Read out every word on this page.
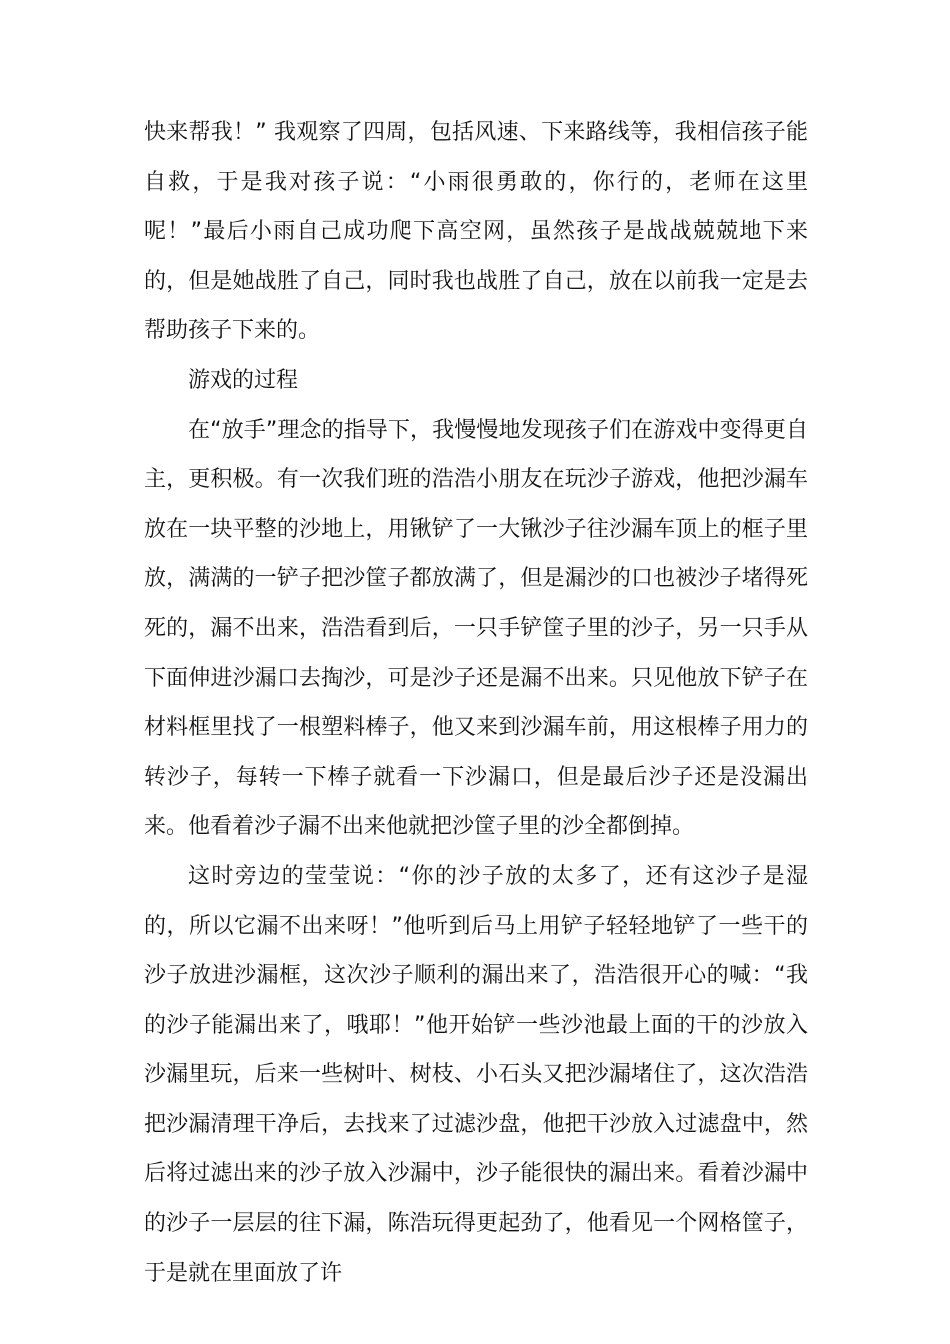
快来帮我！” 我观察了四周，包括风速、下来路线等，我相信孩子能自救，于是我对孩子说：“小雨很勇敢的，你行的，老师在这里呢！”最后小雨自己成功爬下高空网，虽然孩子是战战兢兢地下来的，但是她战胜了自己，同时我也战胜了自己，放在以前我一定是去帮助孩子下来的。

游戏的过程

在“放手”理念的指导下，我慢慢地发现孩子们在游戏中变得更自主，更积极。有一次我们班的浩浩小朋友在玩沙子游戏，他把沙漏车放在一块平整的沙地上，用锹铲了一大锹沙子往沙漏车顶上的框子里放，满满的一铲子把沙筐子都放满了，但是漏沙的口也被沙子堵得死死的，漏不出来，浩浩看到后，一只手铲筐子里的沙子，另一只手从下面伸进沙漏口去掏沙，可是沙子还是漏不出来。只见他放下铲子在材料框里找了一根塑料棒子，他又来到沙漏车前，用这根棒子用力的转沙子，每转一下棒子就看一下沙漏口，但是最后沙子还是没漏出来。他看着沙子漏不出来他就把沙筐子里的沙全都倒掉。

这时旁边的莹莹说：“你的沙子放的太多了，还有这沙子是湿的，所以它漏不出来呀！”他听到后马上用铲子轻轻地铲了一些干的沙子放进沙漏框，这次沙子顺利的漏出来了，浩浩很开心的喊：“我的沙子能漏出来了，哦耶！”他开始铲一些沙池最上面的干的沙放入沙漏里玩，后来一些树叶、树枝、小石头又把沙漏堵住了，这次浩浩把沙漏清理干净后，去找来了过滤沙盘，他把干沙放入过滤盘中，然后将过滤出来的沙子放入沙漏中，沙子能很快的漏出来。看着沙漏中的沙子一层层的往下漏，陈浩玩得更起劲了，他看见一个网格筐子，于是就在里面放了许
